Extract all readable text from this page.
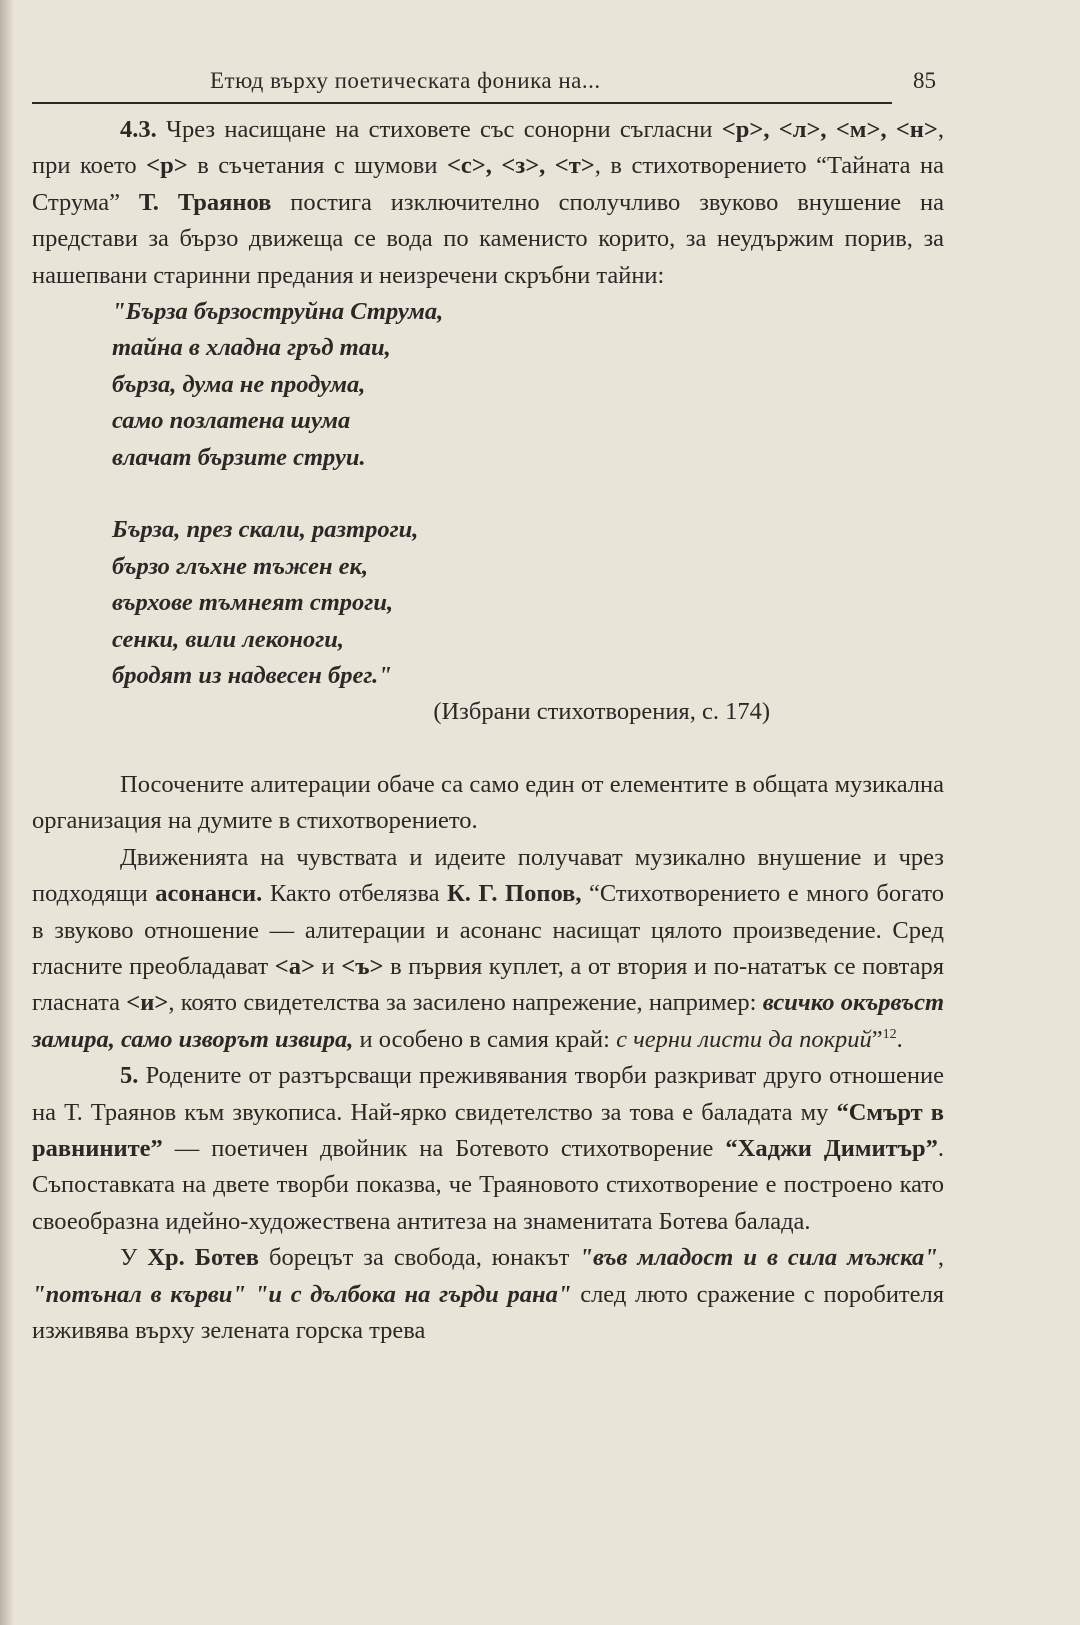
Етюд върху поетическата фоника на...	85

4.3. Чрез насищане на стиховете със сонорни съгласни <р>, <л>, <м>, <н>, при което <р> в съчетания с шумови <с>, <з>, <т>, в стихотворението “Тайната на Струма” Т. Траянов постига изключително сполучливо звуково внушение на представи за бързо движеща се вода по каменисто корито, за неудържим порив, за нашепвани старинни предания и неизречени скръбни тайни:

"Бърза бързоструйна Струма,
тайна в хладна гръд таи,
бърза, дума не продума,
само позлатена шума
влачат бързите струи.
Бърза, през скали, разтроги,
бързо глъхне тъжен ек,
върхове тъмнеят строги,
сенки, вили леконоги,
бродят из надвесен брег."

(Избрани стихотворения, с. 174)

Посочените алитерации обаче са само един от елементите в общата музикална организация на думите в стихотворението.

Движенията на чувствата и идеите получават музикално внушение и чрез подходящи асонанси. Както отбелязва К. Г. Попов, “Стихотворението е много богато в звуково отношение — алитерации и асонанс насищат цялото произведение. Сред гласните преобладават <а> и <ъ> в първия куплет, а от втория и по-нататък се повтаря гласната <и>, която свидетелства за засилено напрежение, например: всичко окървъст замира, само изворът извира, и особено в самия край: с черни листи да покрий”$^{12}$.

5. Родените от разтърсващи преживявания творби разкриват друго отношение на Т. Траянов към звукописа. Най-ярко свидетелство за това е баладата му “Смърт в равнините” — поетичен двойник на Ботевото стихотворение “Хаджи Димитър”. Съпоставката на двете творби показва, че Траяновото стихотворение е построено като своеобразна идейно-художествена антитеза на знаменитата Ботева балада.

У Хр. Ботев борецът за свобода, юнакът "във младост и в сила мъжка", "потънал в кърви" "и с дълбока на гърди рана" след люто сражение с поробителя изживява върху зелената горска трева
